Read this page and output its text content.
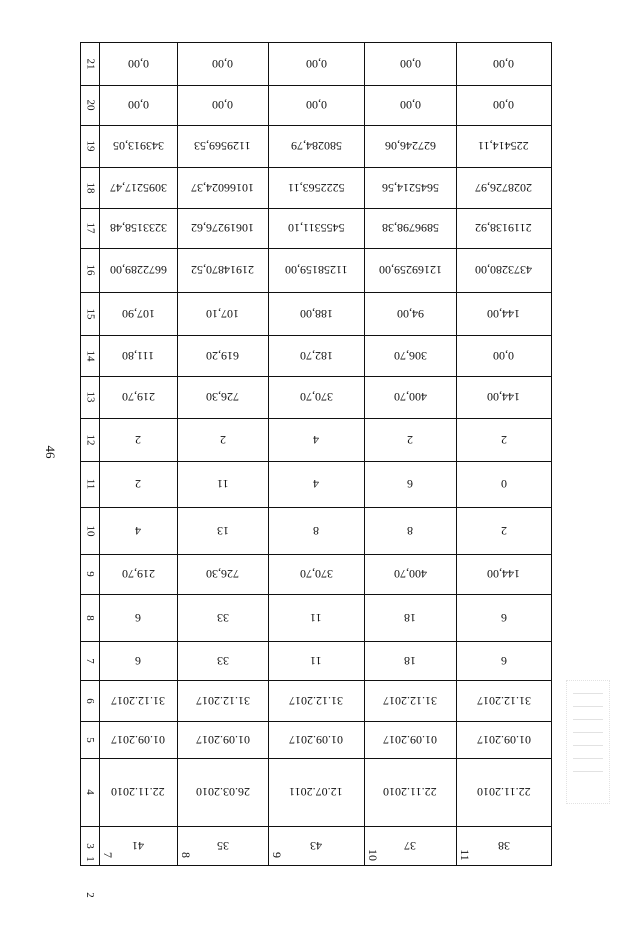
46
21
20
19
18
17
16
15
14
13
12
11
10
9
8
7
6
5
4
3
2
1
0,00
0,00
343913,05
3095217,47
3233158,48
6672289,00
107,90
111,80
219,70
2
2
4
219,70
6
6
31.12.2017
01.09.2017
22.11.2010
41
7
0,00
0,00
1129569,53
10166024,37
10619276,62
21914870,52
107,10
619,20
726,30
2
11
13
726,30
33
33
31.12.2017
01.09.2017
26.03.2010
35
8
0,00
0,00
580284,79
5222563,11
5455311,10
11258159,00
188,00
182,70
370,70
4
4
8
370,70
11
11
31.12.2017
01.09.2017
12.07.2011
43
9
0,00
0,00
627246,06
5645214,56
5896798,38
12169259,00
94,00
306,70
400,70
2
6
8
400,70
18
18
31.12.2017
01.09.2017
22.11.2010
37
10
0,00
0,00
225414,11
2028726,97
2119138,92
4373280,00
144,00
0,00
144,00
2
0
2
144,00
6
6
31.12.2017
01.09.2017
22.11.2010
38
11
